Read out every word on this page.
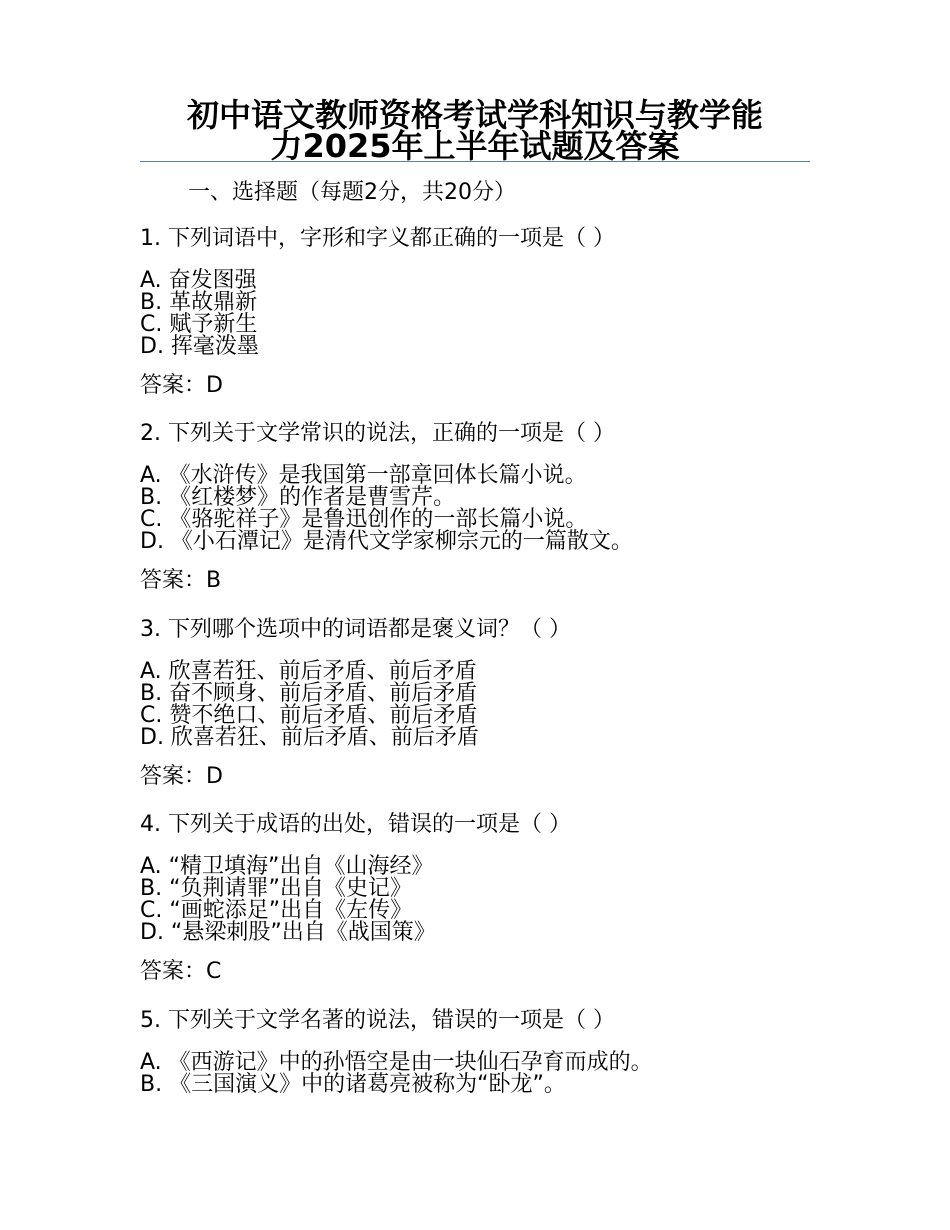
初中语文教师资格考试学科知识与教学能
力2025年上半年试题及答案
一、选择题（每题2分，共20分）
1. 下列词语中，字形和字义都正确的一项是（ ）
A. 奋发图强
B. 革故鼎新
C. 赋予新生
D. 挥毫泼墨
答案：D
2. 下列关于文学常识的说法，正确的一项是（ ）
A. 《水浒传》是我国第一部章回体长篇小说。
B. 《红楼梦》的作者是曹雪芹。
C. 《骆驼祥子》是鲁迅创作的一部长篇小说。
D. 《小石潭记》是清代文学家柳宗元的一篇散文。
答案：B
3. 下列哪个选项中的词语都是褒义词？（ ）
A. 欣喜若狂、前后矛盾、前后矛盾
B. 奋不顾身、前后矛盾、前后矛盾
C. 赞不绝口、前后矛盾、前后矛盾
D. 欣喜若狂、前后矛盾、前后矛盾
答案：D
4. 下列关于成语的出处，错误的一项是（ ）
A. “精卫填海”出自《山海经》
B. “负荆请罪”出自《史记》
C. “画蛇添足”出自《左传》
D. “悬梁刺股”出自《战国策》
答案：C
5. 下列关于文学名著的说法，错误的一项是（ ）
A. 《西游记》中的孙悟空是由一块仙石孕育而成的。
B. 《三国演义》中的诸葛亮被称为“卧龙”。
